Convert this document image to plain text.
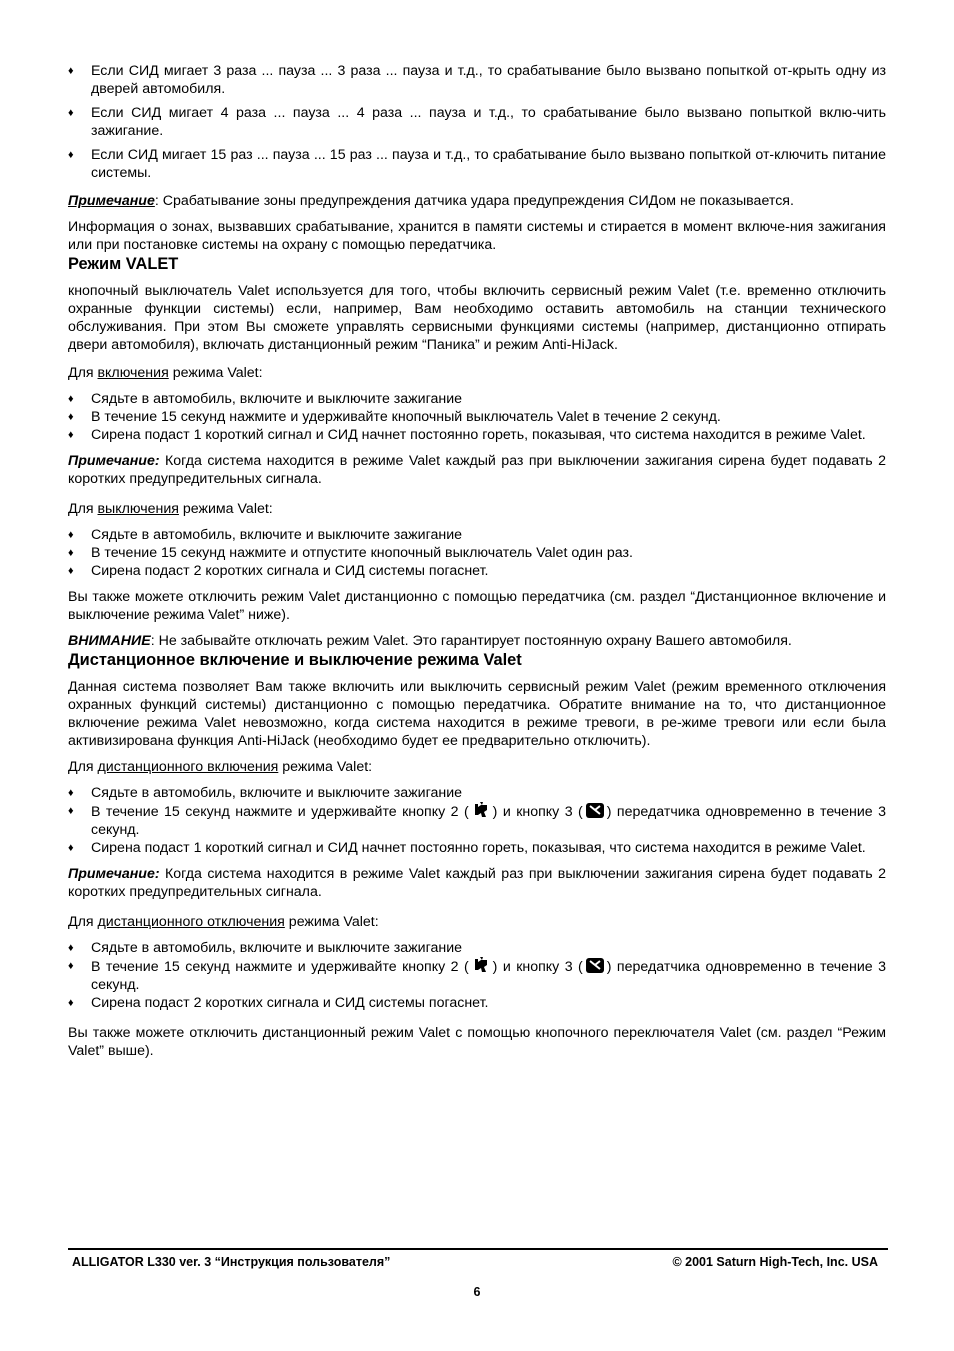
♦ Если СИД мигает 3 раза ... пауза ... 3 раза ... пауза и т.д., то срабатывание было вызвано попыткой от-крыть одну из дверей автомобиля.
♦ Если СИД мигает 4 раза ... пауза ... 4 раза ... пауза и т.д., то срабатывание было вызвано попыткой вклю-чить зажигание.
♦ Если СИД мигает 15 раз ... пауза ... 15 раз ... пауза и т.д., то срабатывание было вызвано попыткой от-ключить питание системы.

Примечание: Срабатывание зоны предупреждения датчика удара предупреждения СИДом не показывается.

Информация о зонах, вызвавших срабатывание, хранится в памяти системы и стирается в момент включе-ния зажигания или при постановке системы на охрану с помощью передатчика.

Режим VALET

кнопочный выключатель Valet используется для того, чтобы включить сервисный режим Valet (т.е. временно отключить охранные функции системы) если, например, Вам необходимо оставить автомобиль на станции технического обслуживания. При этом Вы сможете управлять сервисными функциями системы (например, дистанционно отпирать двери автомобиля), включать дистанционный режим “Паника” и режим Anti-HiJack.

Для включения режима Valet:

♦ Сядьте в автомобиль, включите и выключите зажигание
♦ В течение 15 секунд нажмите и удерживайте кнопочный выключатель Valet в течение 2 секунд.
♦ Сирена подаст 1 короткий сигнал и СИД начнет постоянно гореть, показывая, что система находится в режиме Valet.

Примечание: Когда система находится в режиме Valet каждый раз при выключении зажигания сирена будет подавать 2 коротких предупредительных сигнала.

Для выключения режима Valet:

♦ Сядьте в автомобиль, включите и выключите зажигание
♦ В течение 15 секунд нажмите и отпустите кнопочный выключатель Valet один раз.
♦ Сирена подаст 2 коротких сигнала и СИД системы погаснет.

Вы также можете отключить режим Valet дистанционно с помощью передатчика (см. раздел “Дистанционное включение и выключение режима Valet” ниже).

ВНИМАНИЕ: Не забывайте отключать режим Valet. Это гарантирует постоянную охрану Вашего автомобиля.

Дистанционное включение и выключение режима Valet

Данная система позволяет Вам также включить или выключить сервисный режим Valet (режим временного отключения охранных функций системы) дистанционно с помощью передатчика. Обратите внимание на то, что дистанционное включение режима Valet невозможно, когда система находится в режиме тревоги, в ре-жиме тревоги или если была активизирована функция Anti-HiJack (необходимо будет ее предварительно отключить).

Для дистанционного включения режима Valet:

♦ Сядьте в автомобиль, включите и выключите зажигание
♦ В течение 15 секунд нажмите и удерживайте кнопку 2 ( ) и кнопку 3 ( ) передатчика одновременно в течение 3 секунд.
♦ Сирена подаст 1 короткий сигнал и СИД начнет постоянно гореть, показывая, что система находится в режиме Valet.

Примечание: Когда система находится в режиме Valet каждый раз при выключении зажигания сирена будет подавать 2 коротких предупредительных сигнала.

Для дистанционного отключения режима Valet:

♦ Сядьте в автомобиль, включите и выключите зажигание
♦ В течение 15 секунд нажмите и удерживайте кнопку 2 ( ) и кнопку 3 ( ) передатчика одновременно в течение 3 секунд.
♦ Сирена подаст 2 коротких сигнала и СИД системы погаснет.

Вы также можете отключить дистанционный режим Valet с помощью кнопочного переключателя Valet (см. раздел “Режим Valet” выше).

ALLIGATOR L330 ver. 3 “Инструкция пользователя”	© 2001 Saturn High-Tech, Inc. USA
6
